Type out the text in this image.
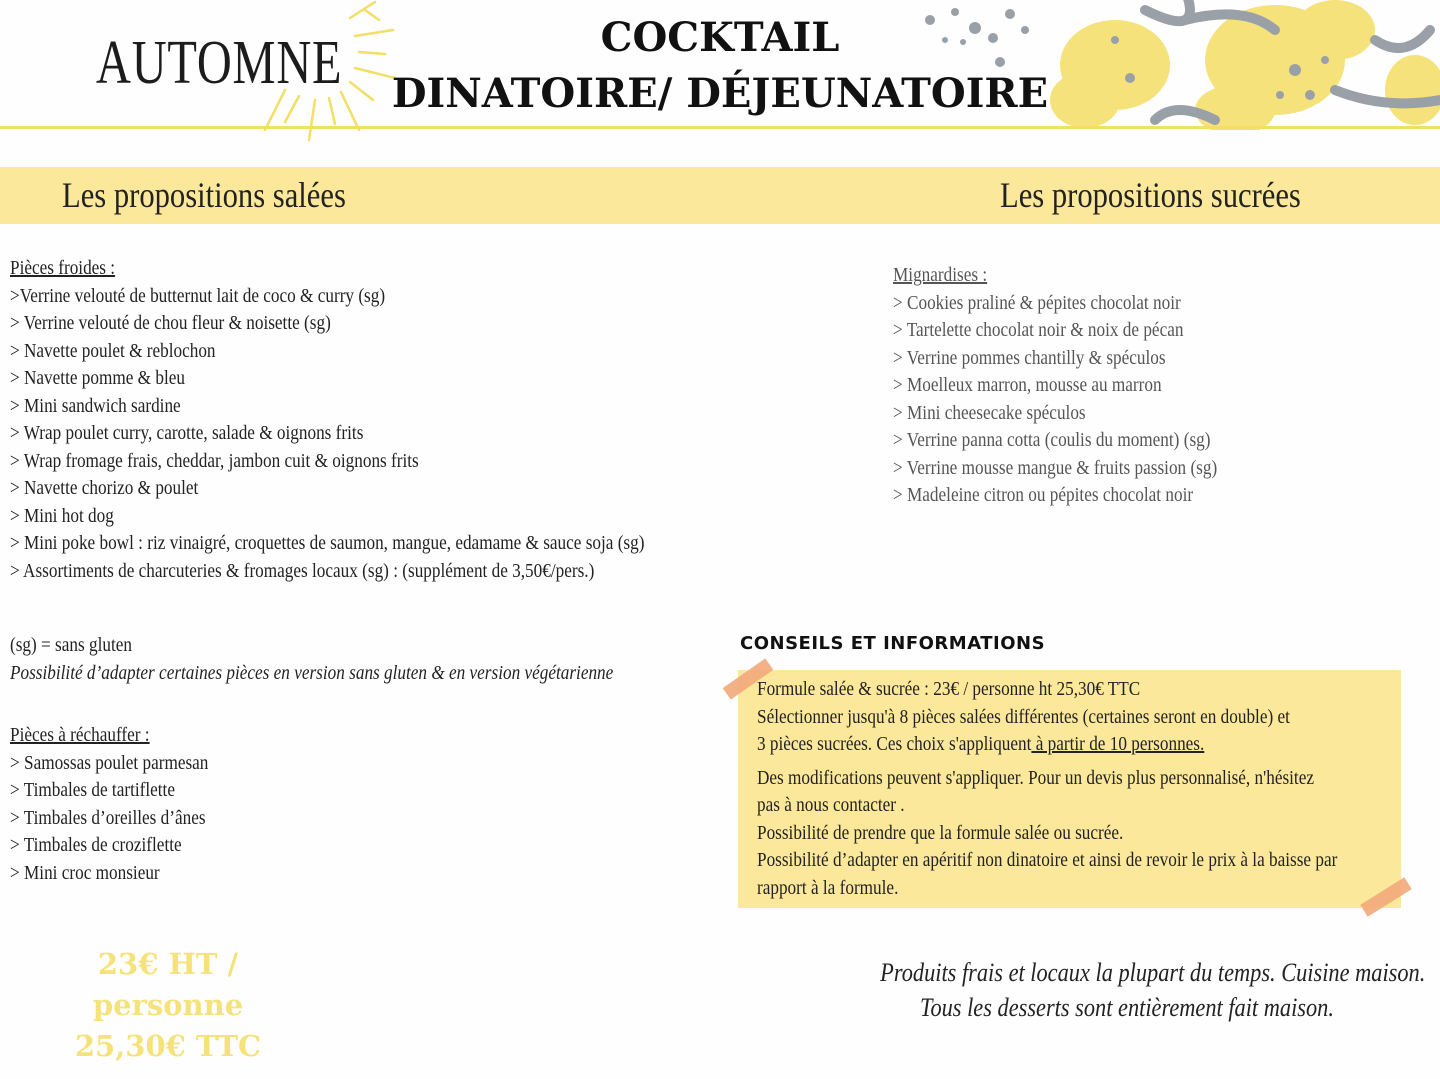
AUTOMNE	COCKTAIL
DINATOIRE/ DÉJEUNATOIRE
Les propositions salées	Les propositions sucrées
Pièces froides :
>Verrine velouté de butternut lait de coco & curry (sg)
> Verrine velouté de chou fleur & noisette (sg)
> Navette poulet & reblochon
> Navette pomme & bleu
> Mini sandwich sardine
> Wrap poulet curry, carotte, salade & oignons frits
> Wrap fromage frais, cheddar, jambon cuit & oignons frits
> Navette chorizo & poulet
> Mini hot dog
> Mini poke bowl : riz vinaigré, croquettes de saumon, mangue, edamame & sauce soja (sg)
> Assortiments de charcuteries & fromages locaux (sg) : (supplément de 3,50€/pers.)
(sg) = sans gluten
Possibilité d’adapter certaines pièces en version sans gluten & en version végétarienne
Pièces à réchauffer :
> Samossas poulet parmesan
> Timbales de tartiflette
> Timbales d’oreilles d’ânes
> Timbales de croziflette
> Mini croc monsieur
Mignardises :
> Cookies praliné & pépites chocolat noir
> Tartelette chocolat noir & noix de pécan
> Verrine pommes chantilly & spéculos
> Moelleux marron, mousse au marron
> Mini cheesecake spéculos
> Verrine panna cotta (coulis du moment) (sg)
> Verrine mousse mangue & fruits passion (sg)
> Madeleine citron ou pépites chocolat noir
23€ HT / personne
25,30€ TTC
CONSEILS ET INFORMATIONS
Formule salée & sucrée : 23€ / personne ht 25,30€ TTC
Sélectionner jusqu'à 8 pièces salées différentes (certaines seront en double) et
3 pièces sucrées. Ces choix s'appliquent à partir de 10 personnes.
Des modifications peuvent s'appliquer. Pour un devis plus personnalisé, n'hésitez
pas à nous contacter .
Possibilité de prendre que la formule salée ou sucrée.
Possibilité d’adapter en apéritif non dinatoire et ainsi de revoir le prix à la baisse par
rapport à la formule.
Produits frais et locaux la plupart du temps. Cuisine maison.
Tous les desserts sont entièrement fait maison.
